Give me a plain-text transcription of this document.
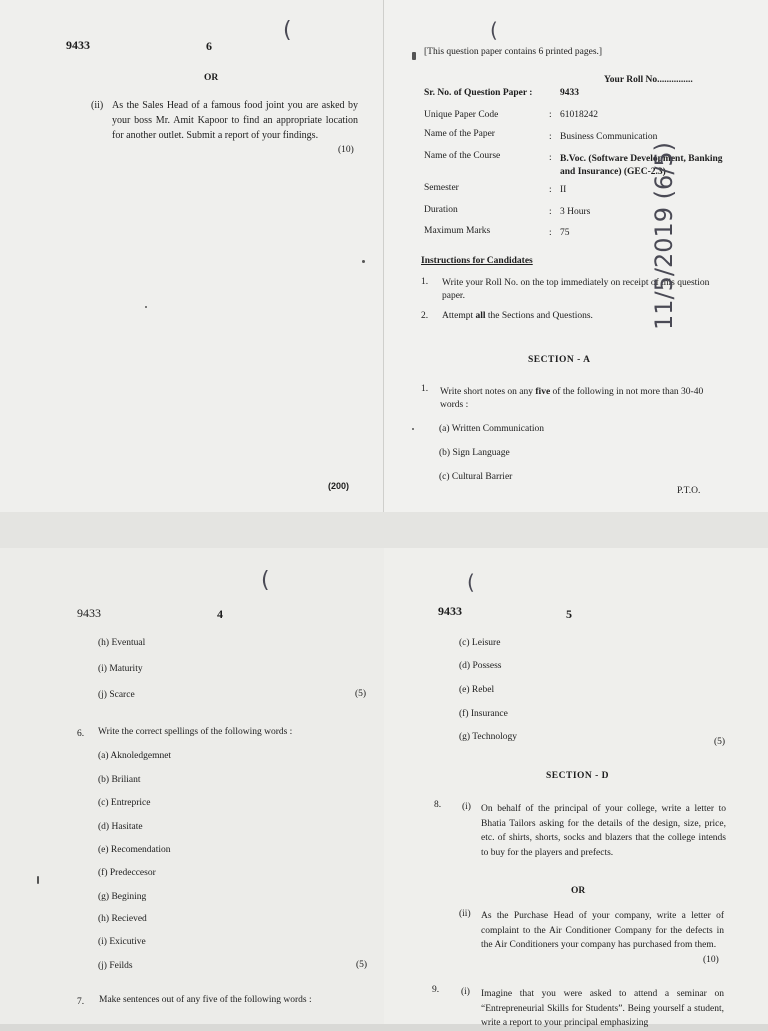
9433	6
OR
(ii) As the Sales Head of a famous food joint you are asked by your boss Mr. Amit Kapoor to find an appropriate location for another outlet. Submit a report of your findings.
(10)
(200)
[This question paper contains 6 printed pages.]
Your Roll No...............
Sr. No. of Question Paper :	9433
Unique Paper Code	: 61018242
Name of the Paper	: Business Communication
Name of the Course	: B.Voc. (Software Development, Banking and Insurance) (GEC-2.3)
Semester	: II
Duration	: 3 Hours
Maximum Marks	: 75
Instructions for Candidates
1. Write your Roll No. on the top immediately on receipt of this question paper.
2. Attempt all the Sections and Questions.
SECTION - A
1. Write short notes on any five of the following in not more than 30-40 words :
(a) Written Communication
(b) Sign Language
(c) Cultural Barrier
P.T.O.
11/5/2019 (6/5)
9433	4
(h) Eventual
(i) Maturity
(j) Scarce	(5)
6. Write the correct spellings of the following words :
(a) Aknoledgemnet
(b) Briliant
(c) Entreprice
(d) Hasitate
(e) Recomendation
(f) Predeccesor
(g) Begining
(h) Recieved
(i) Exicutive
(j) Feilds	(5)
7. Make sentences out of any five of the following words :
9433	5
(c) Leisure
(d) Possess
(e) Rebel
(f) Insurance
(g) Technology	(5)
SECTION - D
8. (i) On behalf of the principal of your college, write a letter to Bhatia Tailors asking for the details of the design, size, price, etc. of shirts, shorts, socks and blazers that the college intends to buy for the players and prefects.
OR
(ii) As the Purchase Head of your company, write a letter of complaint to the Air Conditioner Company for the defects in the Air Conditioners your company has purchased from them.
(10)
9. (i) Imagine that you were asked to attend a seminar on “Entrepreneurial Skills for Students”. Being yourself a student, write a report to your principal emphasizing
(	(
(	(
